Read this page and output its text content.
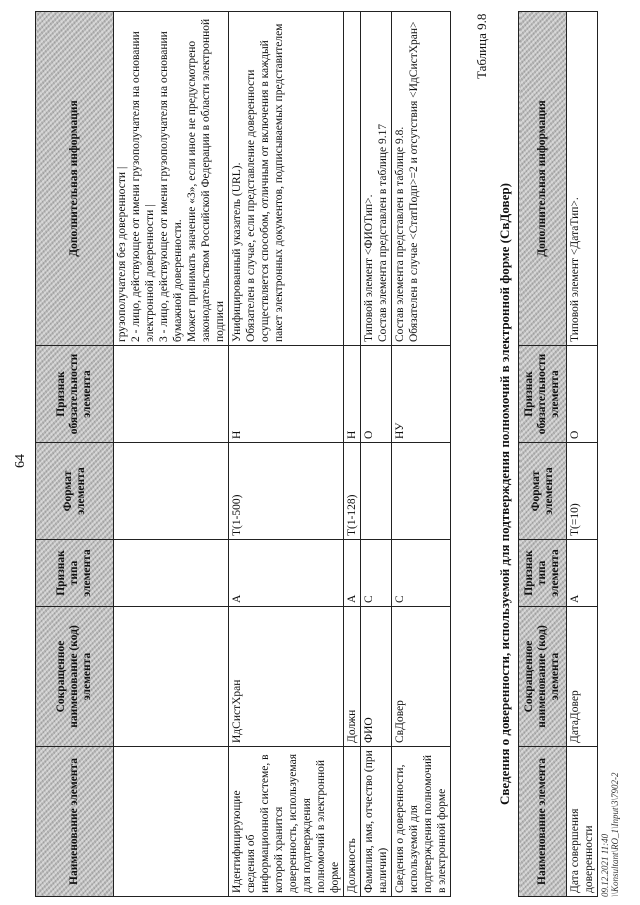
64
Наименование элемента	Сокращенное наименование (код) элемента	Признак типа элемента	Формат элемента	Признак обязательности элемента	Дополнительная информация
					грузополучателя без доверенности |
2 - лицо, действующее от имени грузополучателя на основании электронной доверенности |
3 - лицо, действующее от имени грузополучателя на основании бумажной доверенности.
Может принимать значение «3», если иное не предусмотрено законодательством Российской Федерации в области электронной подписи
Идентифицирующие сведения об информационной системе, в которой хранится доверенность, используемая для подтверждения полномочий в электронной форме	ИдСистХран	А	T(1-500)	Н	Унифицированный указатель (URL).
Обязателен в случае, если представление доверенности осуществляется способом, отличным от включения в каждый пакет электронных документов, подписываемых представителем
Должность	Должн	А	T(1-128)	Н	
Фамилия, имя, отчество (при наличии)	ФИО	С		О	Типовой элемент <ФИОТип>.
Состав элемента представлен в таблице 9.17
Сведения о доверенности, используемой для подтверждения полномочий в электронной форме	СвДовер	С		НУ	Состав элемента представлен в таблице 9.8.
Обязателен в случае <СтатПодп>=2 и отсутствия <ИдСистХран>	Таблица 9.8
Сведения о доверенности, используемой для подтверждения полномочий в электронной форме (СвДовер)
Наименование элемента	Сокращенное наименование (код) элемента	Признак типа элемента	Формат элемента	Признак обязательности элемента	Дополнительная информация
Дата совершения доверенности	ДатаДовер	А	T(=10)	О	Типовой элемент <ДатаТип>.
09.12.2021 11:40 \\Konsultant\RO_1\Input\3\7902-2
